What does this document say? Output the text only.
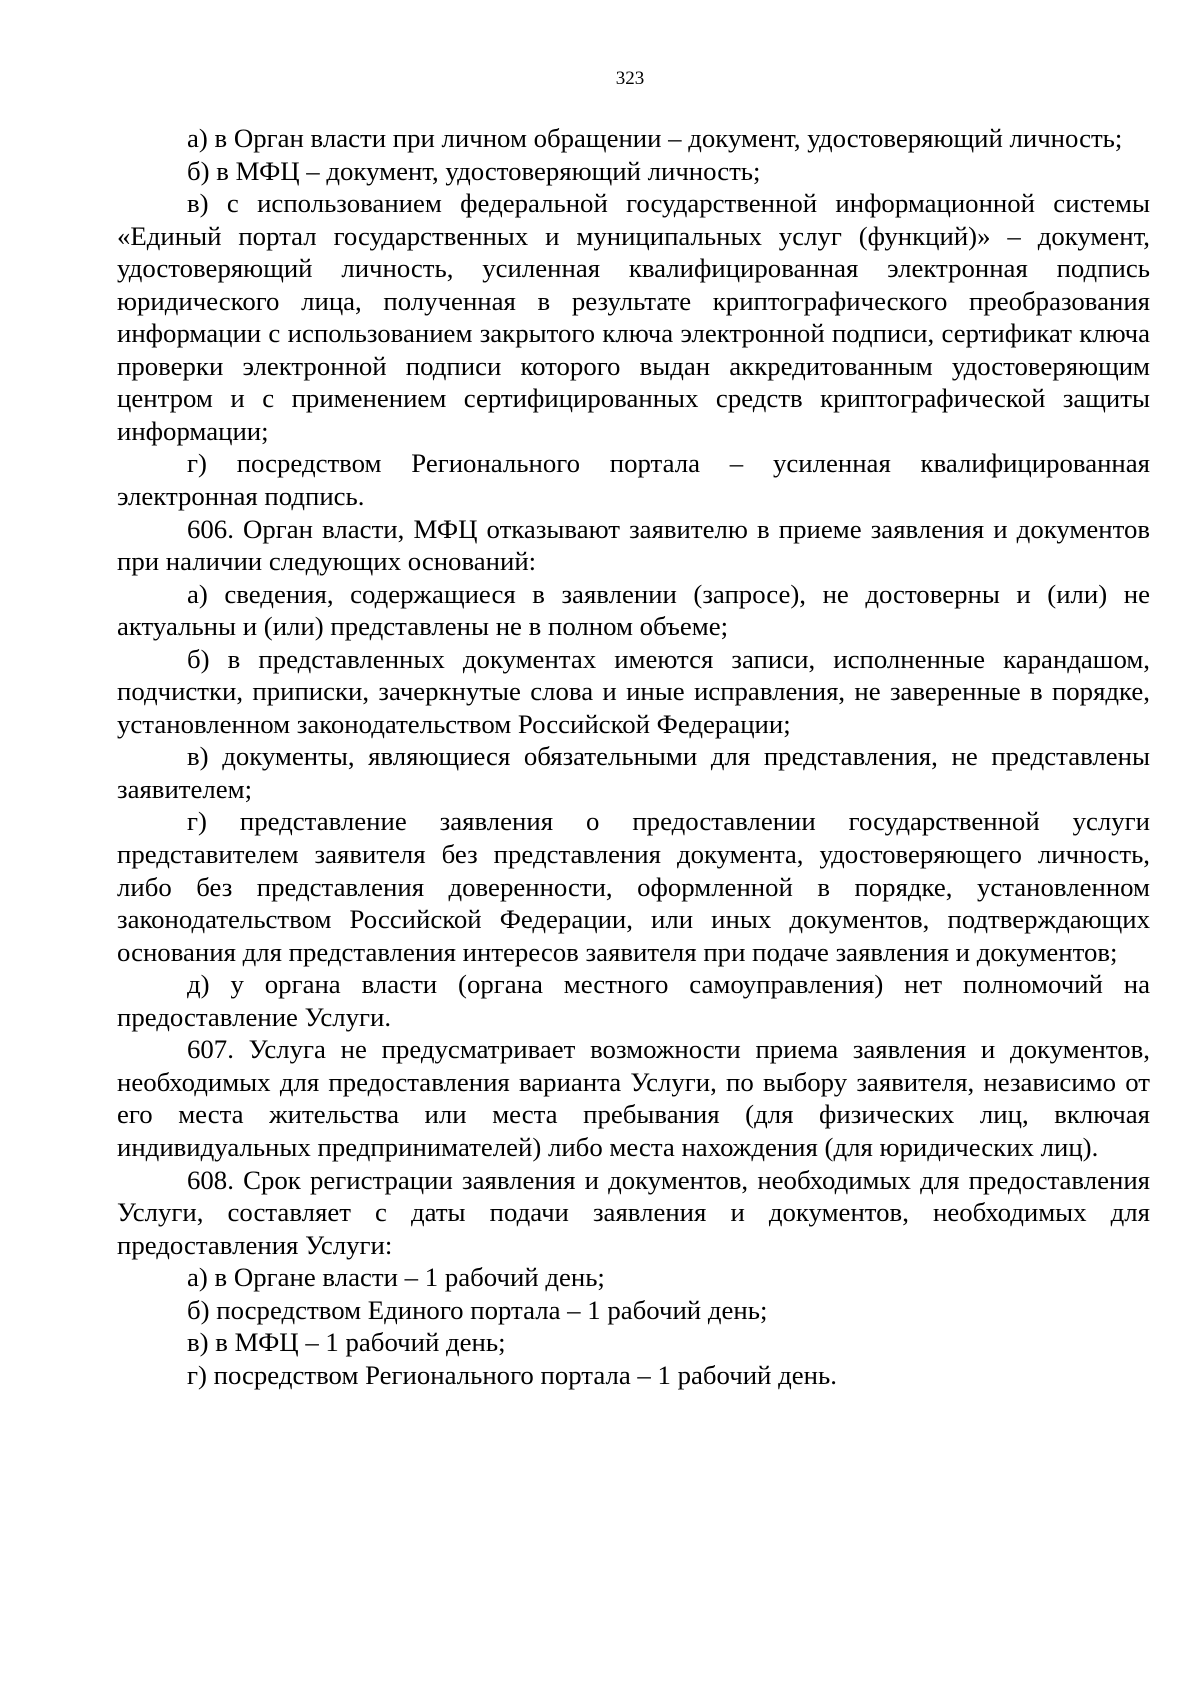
323

а) в Орган власти при личном обращении – документ, удостоверяющий личность;

б) в МФЦ – документ, удостоверяющий личность;

в) с использованием федеральной государственной информационной системы «Единый портал государственных и муниципальных услуг (функций)» – документ, удостоверяющий личность, усиленная квалифицированная электронная подпись юридического лица, полученная в результате криптографического преобразования информации с использованием закрытого ключа электронной подписи, сертификат ключа проверки электронной подписи которого выдан аккредитованным удостоверяющим центром и с применением сертифицированных средств криптографической защиты информации;

г) посредством Регионального портала – усиленная квалифицированная электронная подпись.

606. Орган власти, МФЦ отказывают заявителю в приеме заявления и документов при наличии следующих оснований:

а) сведения, содержащиеся в заявлении (запросе), не достоверны и (или) не актуальны и (или) представлены не в полном объеме;

б) в представленных документах имеются записи, исполненные карандашом, подчистки, приписки, зачеркнутые слова и иные исправления, не заверенные в порядке, установленном законодательством Российской Федерации;

в) документы, являющиеся обязательными для представления, не представлены заявителем;

г) представление заявления о предоставлении государственной услуги представителем заявителя без представления документа, удостоверяющего личность, либо без представления доверенности, оформленной в порядке, установленном законодательством Российской Федерации, или иных документов, подтверждающих основания для представления интересов заявителя при подаче заявления и документов;

д) у органа власти (органа местного самоуправления) нет полномочий на предоставление Услуги.

607. Услуга не предусматривает возможности приема заявления и документов, необходимых для предоставления варианта Услуги, по выбору заявителя, независимо от его места жительства или места пребывания (для физических лиц, включая индивидуальных предпринимателей) либо места нахождения (для юридических лиц).

608. Срок регистрации заявления и документов, необходимых для предоставления Услуги, составляет с даты подачи заявления и документов, необходимых для предоставления Услуги:

а) в Органе власти – 1 рабочий день;

б) посредством Единого портала – 1 рабочий день;

в) в МФЦ – 1 рабочий день;

г) посредством Регионального портала – 1 рабочий день.
